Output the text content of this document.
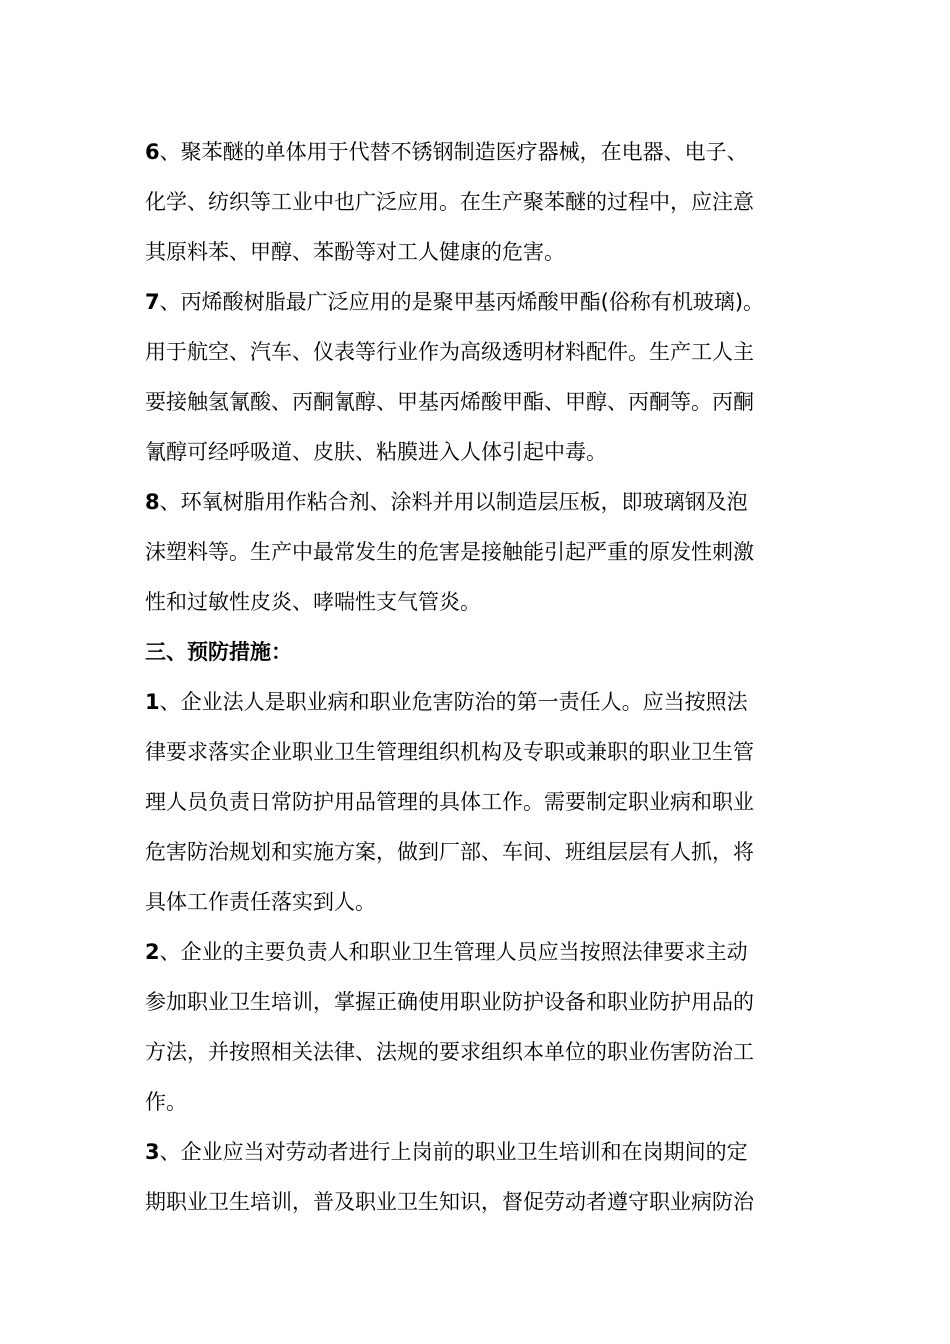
6、聚苯醚的单体用于代替不锈钢制造医疗器械，在电器、电子、
化学、纺织等工业中也广泛应用。在生产聚苯醚的过程中，应注意
其原料苯、甲醇、苯酚等对工人健康的危害。
7、丙烯酸树脂最广泛应用的是聚甲基丙烯酸甲酯(俗称有机玻璃)。
用于航空、汽车、仪表等行业作为高级透明材料配件。生产工人主
要接触氢氰酸、丙酮氰醇、甲基丙烯酸甲酯、甲醇、丙酮等。丙酮
氰醇可经呼吸道、皮肤、粘膜进入人体引起中毒。
8、环氧树脂用作粘合剂、涂料并用以制造层压板，即玻璃钢及泡
沫塑料等。生产中最常发生的危害是接触能引起严重的原发性刺激
性和过敏性皮炎、哮喘性支气管炎。
三、预防措施：
1、企业法人是职业病和职业危害防治的第一责任人。应当按照法
律要求落实企业职业卫生管理组织机构及专职或兼职的职业卫生管
理人员负责日常防护用品管理的具体工作。需要制定职业病和职业
危害防治规划和实施方案，做到厂部、车间、班组层层有人抓，将
具体工作责任落实到人。
2、企业的主要负责人和职业卫生管理人员应当按照法律要求主动
参加职业卫生培训，掌握正确使用职业防护设备和职业防护用品的
方法，并按照相关法律、法规的要求组织本单位的职业伤害防治工
作。
3、企业应当对劳动者进行上岗前的职业卫生培训和在岗期间的定
期职业卫生培训，普及职业卫生知识，督促劳动者遵守职业病防治
